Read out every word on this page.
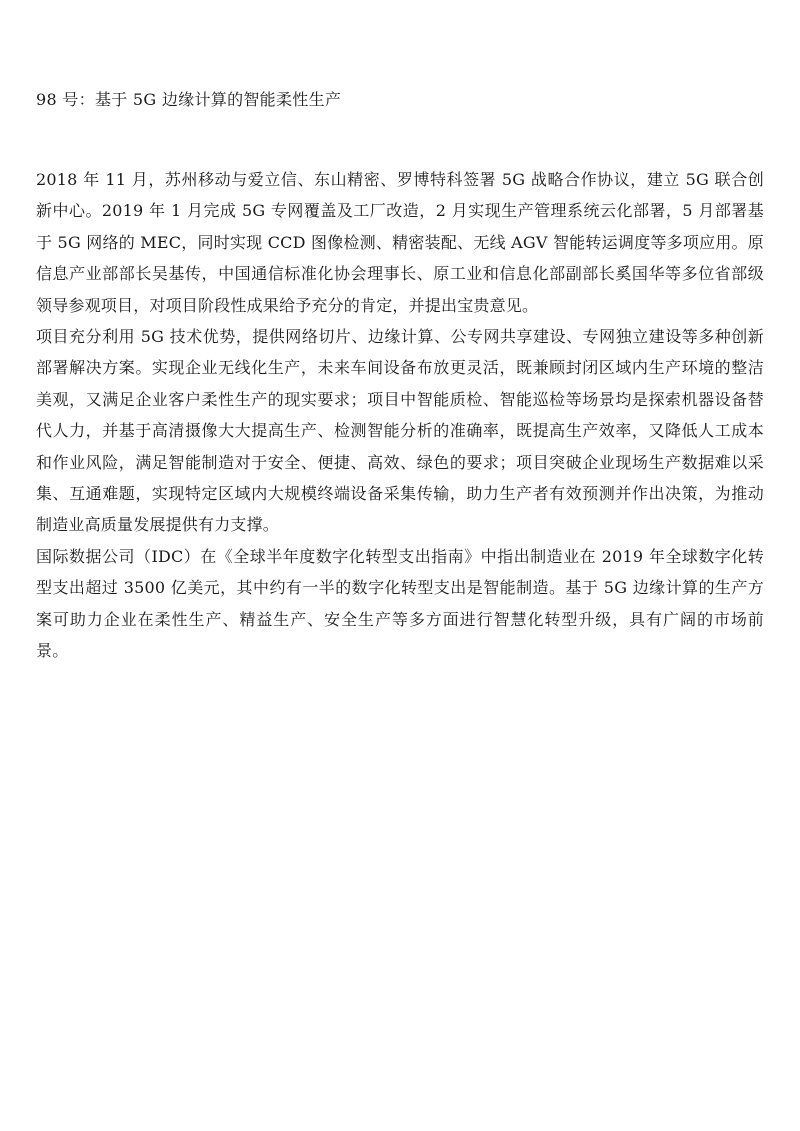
98 号：基于 5G 边缘计算的智能柔性生产

2018 年 11 月，苏州移动与爱立信、东山精密、罗博特科签署 5G 战略合作协议，建立 5G 联合创新中心。2019 年 1 月完成 5G 专网覆盖及工厂改造，2 月实现生产管理系统云化部署，5 月部署基于 5G 网络的 MEC，同时实现 CCD 图像检测、精密装配、无线 AGV 智能转运调度等多项应用。原信息产业部部长吴基传，中国通信标准化协会理事长、原工业和信息化部副部长奚国华等多位省部级领导参观项目，对项目阶段性成果给予充分的肯定，并提出宝贵意见。

项目充分利用 5G 技术优势，提供网络切片、边缘计算、公专网共享建设、专网独立建设等多种创新部署解决方案。实现企业无线化生产，未来车间设备布放更灵活，既兼顾封闭区域内生产环境的整洁美观，又满足企业客户柔性生产的现实要求；项目中智能质检、智能巡检等场景均是探索机器设备替代人力，并基于高清摄像大大提高生产、检测智能分析的准确率，既提高生产效率，又降低人工成本和作业风险，满足智能制造对于安全、便捷、高效、绿色的要求；项目突破企业现场生产数据难以采集、互通难题，实现特定区域内大规模终端设备采集传输，助力生产者有效预测并作出决策，为推动制造业高质量发展提供有力支撑。

国际数据公司（IDC）在《全球半年度数字化转型支出指南》中指出制造业在 2019 年全球数字化转型支出超过 3500 亿美元，其中约有一半的数字化转型支出是智能制造。基于 5G 边缘计算的生产方案可助力企业在柔性生产、精益生产、安全生产等多方面进行智慧化转型升级，具有广阔的市场前景。
